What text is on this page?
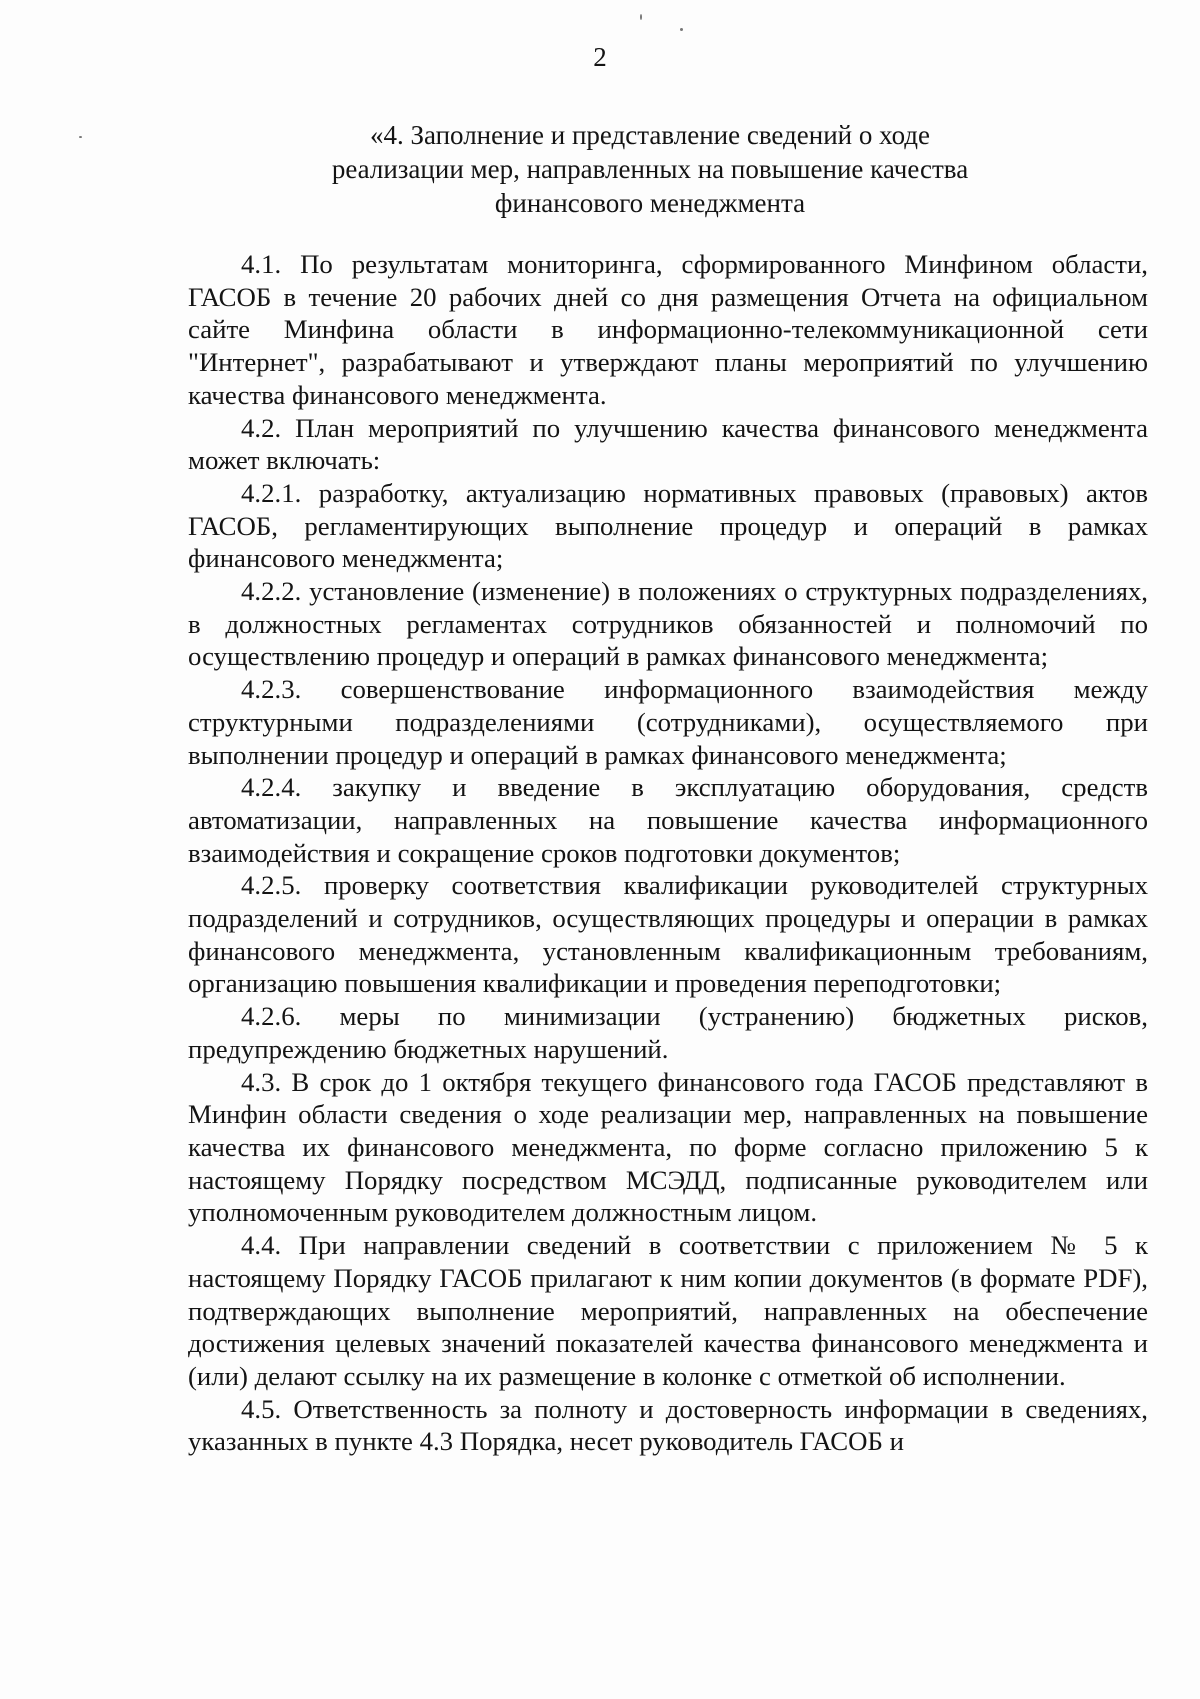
2
«4. Заполнение и представление сведений о ходе
реализации мер, направленных на повышение качества
финансового менеджмента

4.1. По результатам мониторинга, сформированного Минфином области, ГАСОБ в течение 20 рабочих дней со дня размещения Отчета на официальном сайте Минфина области в информационно-телекоммуникационной сети "Интернет", разрабатывают и утверждают планы мероприятий по улучшению качества финансового менеджмента.

4.2. План мероприятий по улучшению качества финансового менеджмента может включать:

4.2.1. разработку, актуализацию нормативных правовых (правовых) актов ГАСОБ, регламентирующих выполнение процедур и операций в рамках финансового менеджмента;

4.2.2. установление (изменение) в положениях о структурных подразделениях, в должностных регламентах сотрудников обязанностей и полномочий по осуществлению процедур и операций в рамках финансового менеджмента;

4.2.3. совершенствование информационного взаимодействия между структурными подразделениями (сотрудниками), осуществляемого при выполнении процедур и операций в рамках финансового менеджмента;

4.2.4. закупку и введение в эксплуатацию оборудования, средств автоматизации, направленных на повышение качества информационного взаимодействия и сокращение сроков подготовки документов;

4.2.5. проверку соответствия квалификации руководителей структурных подразделений и сотрудников, осуществляющих процедуры и операции в рамках финансового менеджмента, установленным квалификационным требованиям, организацию повышения квалификации и проведения переподготовки;

4.2.6. меры по минимизации (устранению) бюджетных рисков, предупреждению бюджетных нарушений.

4.3. В срок до 1 октября текущего финансового года ГАСОБ представляют в Минфин области сведения о ходе реализации мер, направленных на повышение качества их финансового менеджмента, по форме согласно приложению 5 к настоящему Порядку посредством МСЭДД, подписанные руководителем или уполномоченным руководителем должностным лицом.

4.4. При направлении сведений в соответствии с приложением № 5 к настоящему Порядку ГАСОБ прилагают к ним копии документов (в формате PDF), подтверждающих выполнение мероприятий, направленных на обеспечение достижения целевых значений показателей качества финансового менеджмента и (или) делают ссылку на их размещение в колонке с отметкой об исполнении.

4.5. Ответственность за полноту и достоверность информации в сведениях, указанных в пункте 4.3 Порядка, несет руководитель ГАСОБ и
